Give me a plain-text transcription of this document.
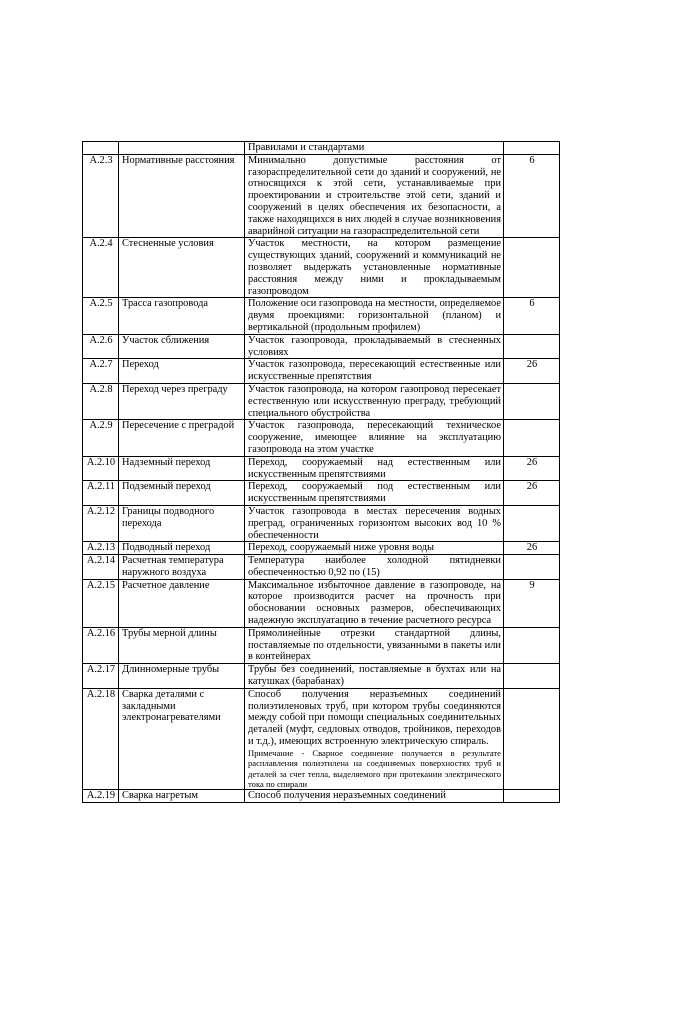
		Правилами и стандартами	
А.2.3	Нормативные расстояния	Минимально допустимые расстояния от газораспределительной сети до зданий и сооружений, не относящихся к этой сети, устанавливаемые при проектировании и строительстве этой сети, зданий и сооружений в целях обеспечения их безопасности, а также находящихся в них людей в случае возникновения аварийной ситуации на газораспределительной сети	6
А.2.4	Стесненные условия	Участок местности, на котором размещение существующих зданий, сооружений и коммуникаций не позволяет выдержать установленные нормативные расстояния между ними и прокладываемым газопроводом	
А.2.5	Трасса газопровода	Положение оси газопровода на местности, определяемое двумя проекциями: горизонтальной (планом) и вертикальной (продольным профилем)	6
А.2.6	Участок сближения	Участок газопровода, прокладываемый в стесненных условиях	
А.2.7	Переход	Участок газопровода, пересекающий естественные или искусственные препятствия	26
А.2.8	Переход через преграду	Участок газопровода, на котором газопровод пересекает естественную или искусственную преграду, требующий специального обустройства	
А.2.9	Пересечение с преградой	Участок газопровода, пересекающий техническое сооружение, имеющее влияние на эксплуатацию газопровода на этом участке	
А.2.10	Надземный переход	Переход, сооружаемый над естественным или искусственным препятствиями	26
А.2.11	Подземный переход	Переход, сооружаемый под естественным или искусственным препятствиями	26
А.2.12	Границы подводного перехода	Участок газопровода в местах пересечения водных преград, ограниченных горизонтом высоких вод 10 % обеспеченности	
А.2.13	Подводный переход	Переход, сооружаемый ниже уровня воды	26
А.2.14	Расчетная температура наружного воздуха	Температура наиболее холодной пятидневки обеспеченностью 0,92 по (15)	
А.2.15	Расчетное давление	Максимальное избыточное давление в газопроводе, на которое производится расчет на прочность при обосновании основных размеров, обеспечивающих надежную эксплуатацию в течение расчетного ресурса	9
А.2.16	Трубы мерной длины	Прямолинейные отрезки стандартной длины, поставляемые по отдельности, увязанными в пакеты или в контейнерах	
А.2.17	Длинномерные трубы	Трубы без соединений, поставляемые в бухтах или на катушках (барабанах)	
А.2.18	Сварка деталями с закладными электронагревателями	Способ получения неразъемных соединений полиэтиленовых труб, при котором трубы соединяются между собой при помощи специальных соединительных деталей (муфт, седловых отводов, тройников, переходов и т.д.), имеющих встроенную электрическую спираль.
Примечание - Сварное соединение получается в результате расплавления полиэтилена на соединяемых поверхностях труб и деталей за счет тепла, выделяемого при протекании электрического тока по спирали	

А.2.19	Сварка нагретым	Способ получения неразъемных соединений	
